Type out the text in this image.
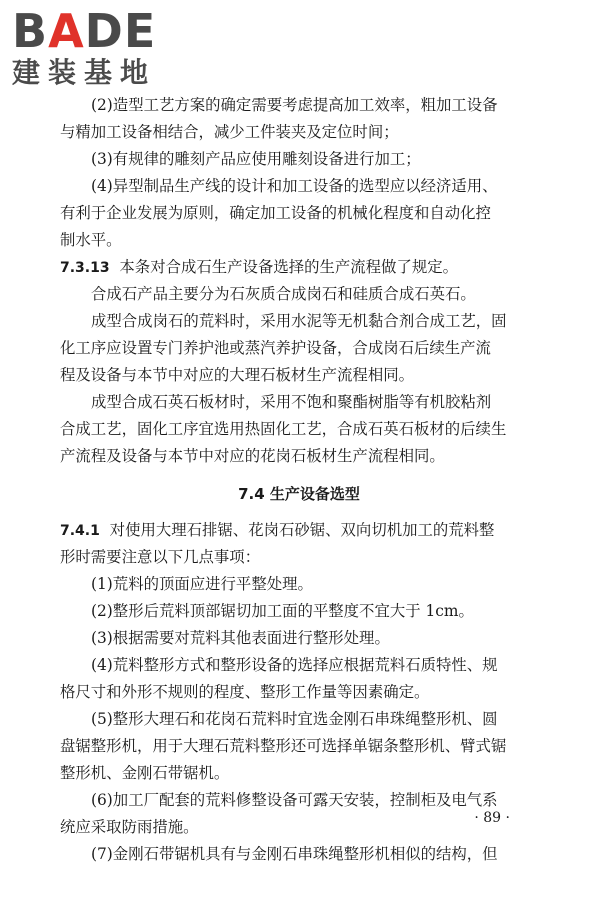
BADE
建装基地
(2)造型工艺方案的确定需要考虑提高加工效率，粗加工设备
与精加工设备相结合，减少工件装夹及定位时间；
(3)有规律的雕刻产品应使用雕刻设备进行加工；
(4)异型制品生产线的设计和加工设备的选型应以经济适用、
有利于企业发展为原则，确定加工设备的机械化程度和自动化控
制水平。
7.3.13 本条对合成石生产设备选择的生产流程做了规定。
合成石产品主要分为石灰质合成岗石和硅质合成石英石。
成型合成岗石的荒料时，采用水泥等无机黏合剂合成工艺，固
化工序应设置专门养护池或蒸汽养护设备，合成岗石后续生产流
程及设备与本节中对应的大理石板材生产流程相同。
成型合成石英石板材时，采用不饱和聚酯树脂等有机胶粘剂
合成工艺，固化工序宜选用热固化工艺，合成石英石板材的后续生
产流程及设备与本节中对应的花岗石板材生产流程相同。
7.4 生产设备选型
7.4.1 对使用大理石排锯、花岗石砂锯、双向切机加工的荒料整
形时需要注意以下几点事项：
(1)荒料的顶面应进行平整处理。
(2)整形后荒料顶部锯切加工面的平整度不宜大于 1cm。
(3)根据需要对荒料其他表面进行整形处理。
(4)荒料整形方式和整形设备的选择应根据荒料石质特性、规
格尺寸和外形不规则的程度、整形工作量等因素确定。
(5)整形大理石和花岗石荒料时宜选金刚石串珠绳整形机、圆
盘锯整形机，用于大理石荒料整形还可选择单锯条整形机、臂式锯
整形机、金刚石带锯机。
(6)加工厂配套的荒料修整设备可露天安装，控制柜及电气系
统应采取防雨措施。
(7)金刚石带锯机具有与金刚石串珠绳整形机相似的结构，但
· 89 ·
